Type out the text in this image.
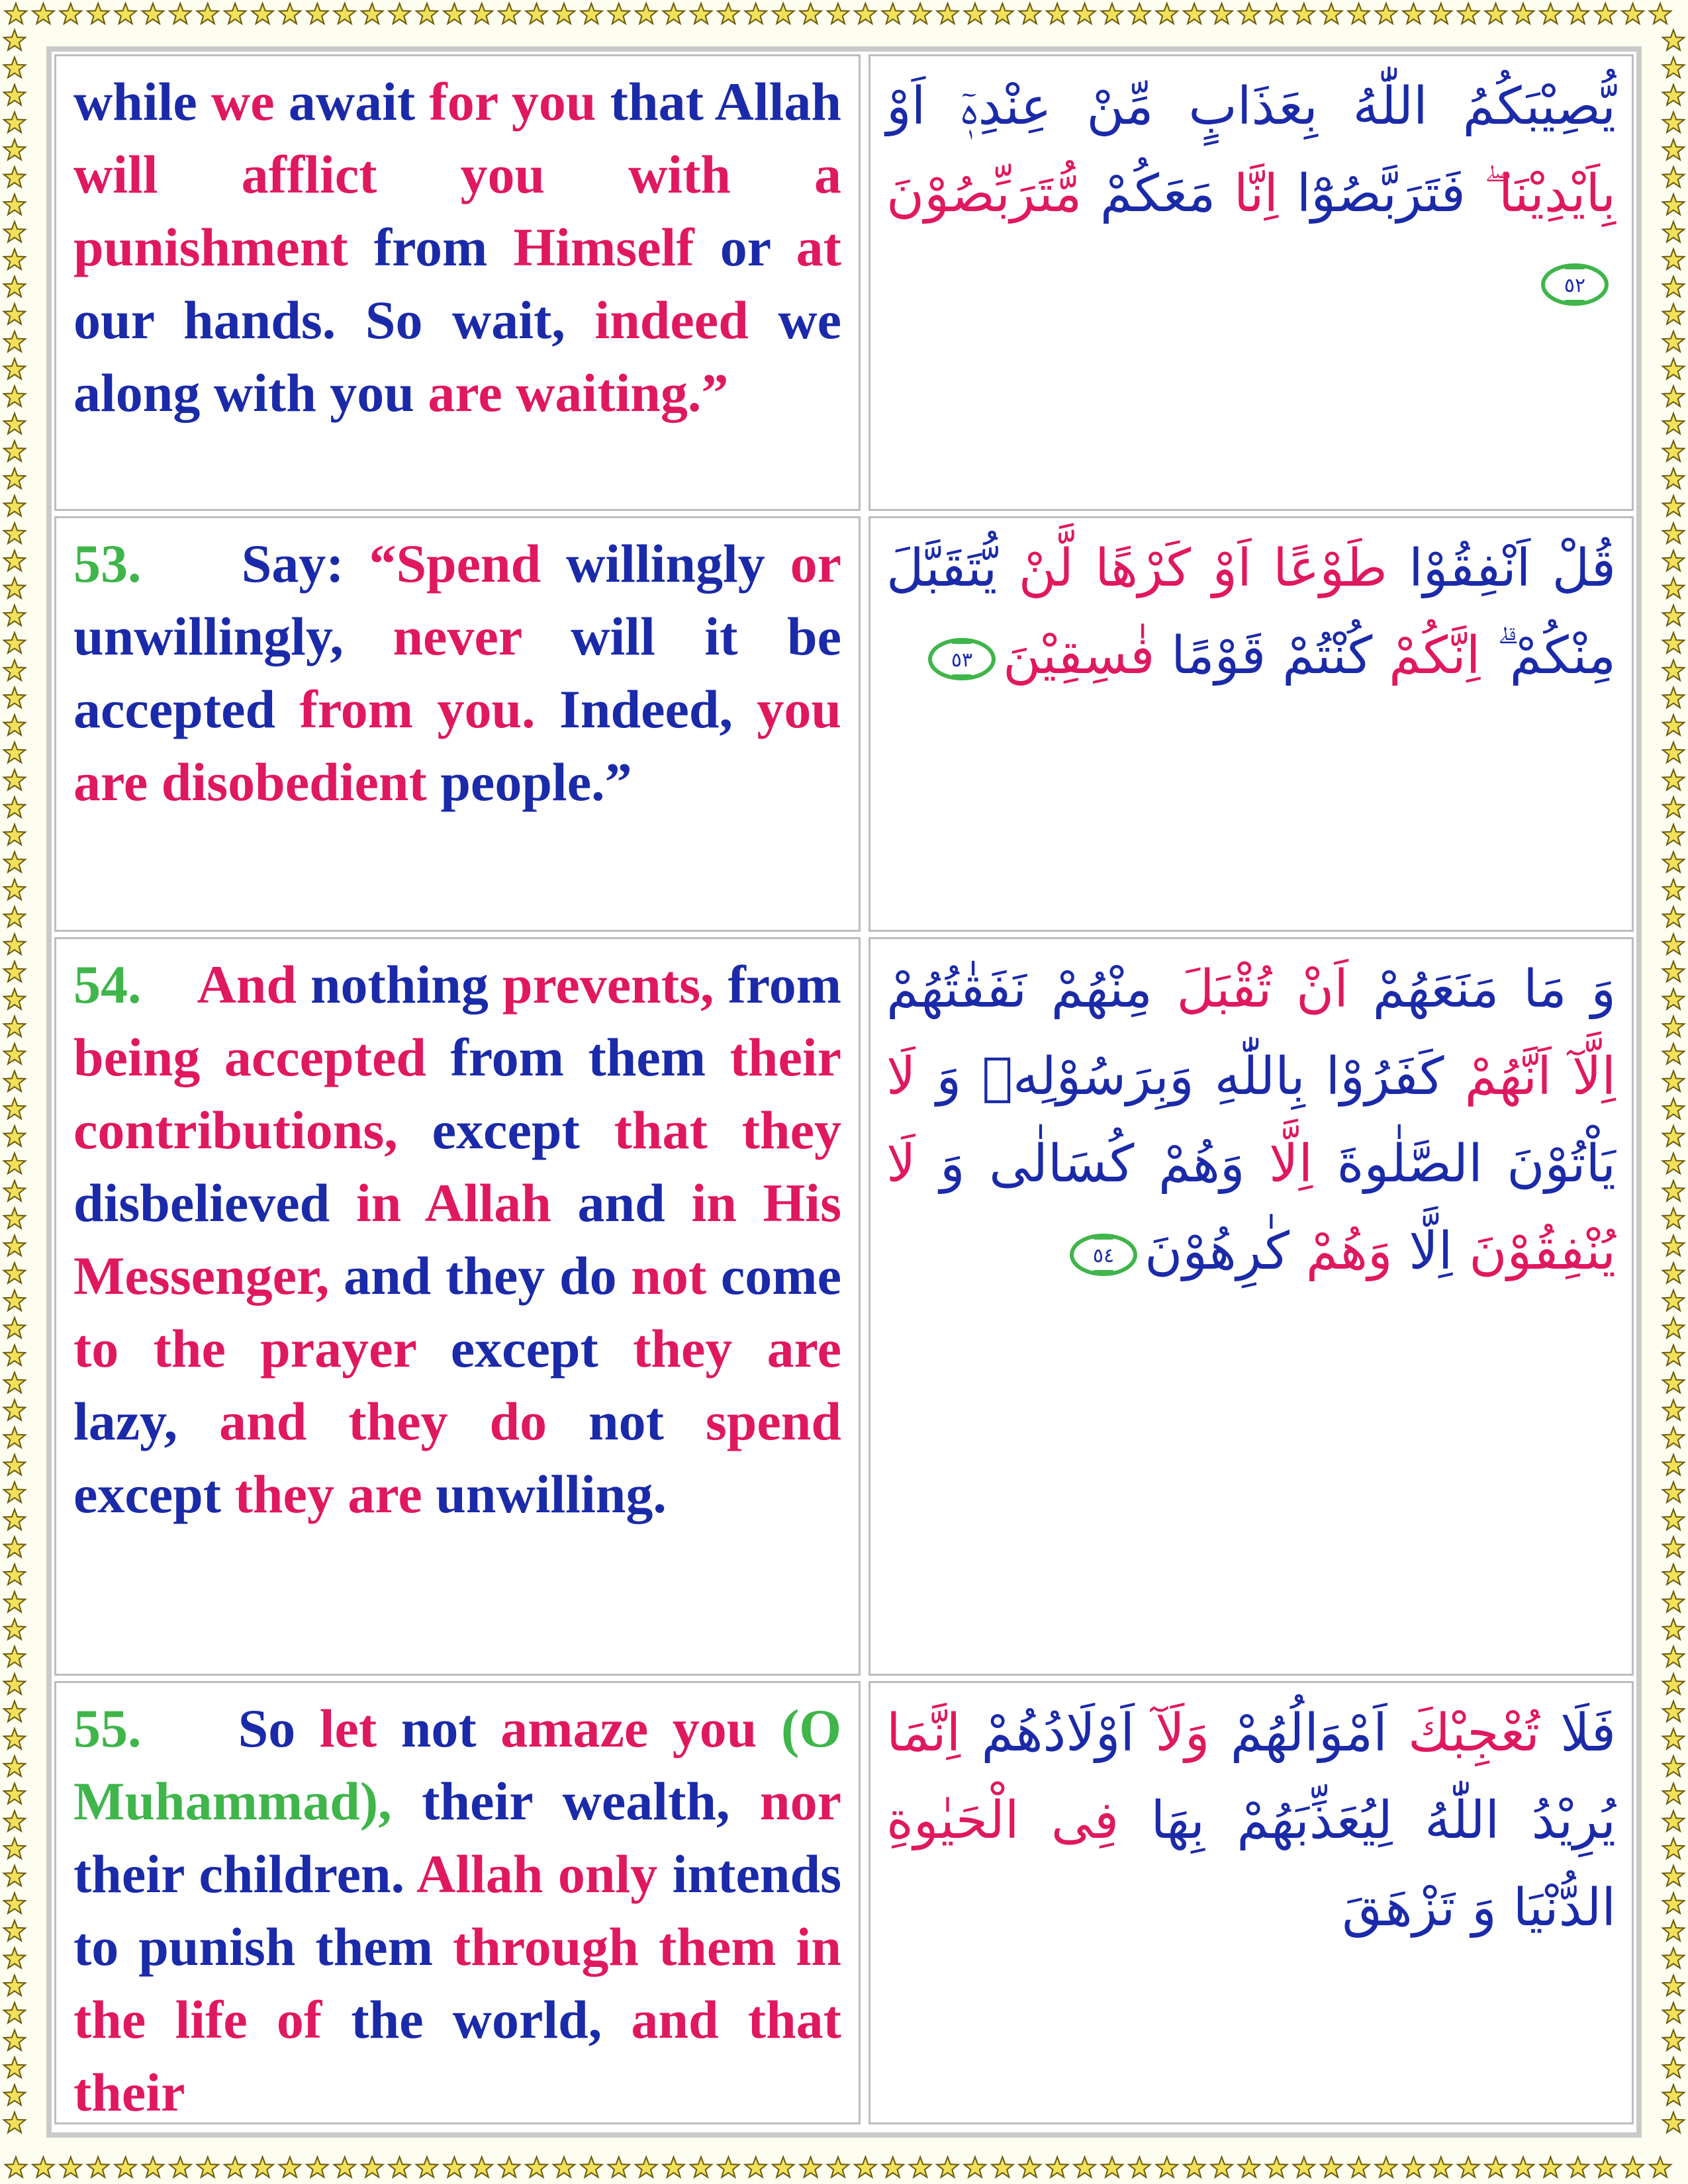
while we await for you that Allah will afflict you with a punishment from Himself or at our hands. So wait, indeed we along with you are waiting.”
يُّصِيْبَكُمُ اللّٰهُ بِعَذَابٍ مِّنْ عِنْدِهٖٓ اَوْ بِاَيْدِيْنَا ۖ فَتَرَبَّصُوْٓا اِنَّا مَعَكُمْ مُّتَرَبِّصُوْنَ
٥٢
53. Say: “Spend willingly or unwillingly, never will it be accepted from you. Indeed, you are disobedient people.”
قُلْ اَنْفِقُوْا طَوْعًا اَوْ كَرْهًا لَّنْ يُّتَقَبَّلَ مِنْكُمْ ۗ اِنَّكُمْ كُنْتُمْ قَوْمًا فٰسِقِيْنَ
٥٣
54. And nothing prevents, from being accepted from them their contributions, except that they disbelieved in Allah and in His Messenger, and they do not come to the prayer except they are lazy, and they do not spend except they are unwilling.
وَ مَا مَنَعَهُمْ اَنْ تُقْبَلَ مِنْهُمْ نَفَقٰتُهُمْ اِلَّآ اَنَّهُمْ كَفَرُوْا بِاللّٰهِ وَبِرَسُوْلِهٖ وَ لَا يَاْتُوْنَ الصَّلٰوةَ اِلَّا وَهُمْ كُسَالٰى وَ لَا يُنْفِقُوْنَ اِلَّا وَهُمْ كٰرِهُوْنَ
٥٤
55. So let not amaze you (O Muhammad), their wealth, nor their children. Allah only intends to punish them through them in the life of the world, and that their
فَلَا تُعْجِبْكَ اَمْوَالُهُمْ وَلَآ اَوْلَادُهُمْ اِنَّمَا يُرِيْدُ اللّٰهُ لِيُعَذِّبَهُمْ بِهَا فِى الْحَيٰوةِ الدُّنْيَا وَ تَزْهَقَ
